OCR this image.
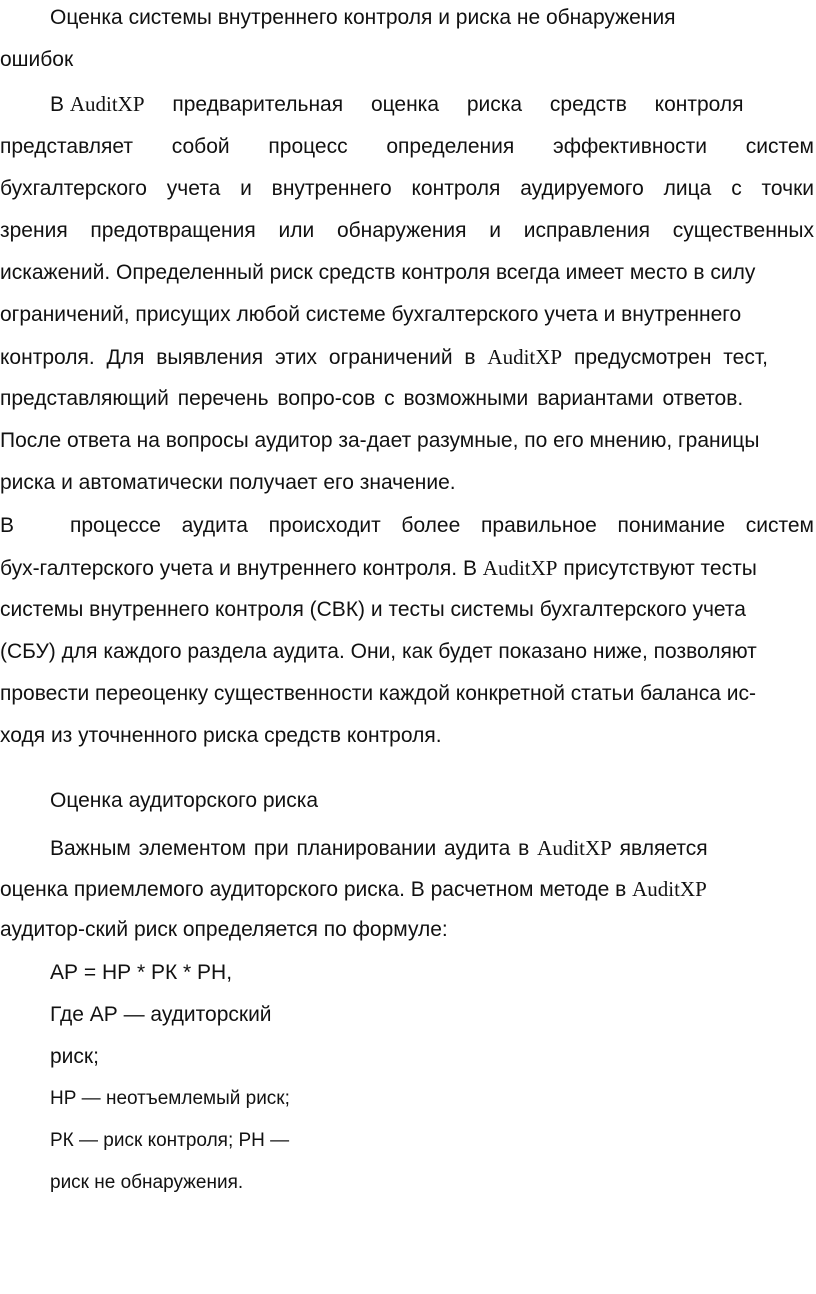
Оценка системы внутреннего контроля и риска не обнаружения
ошибок
В AuditXP предварительная оценка риска средств контроля
представляет собой процесс определения эффективности систем
бухгалтерского учета и внутреннего контроля аудируемого лица с точки
зрения предотвращения или обнаружения и исправления существенных
искажений. Определенный риск средств контроля всегда имеет место в силу
ограничений, присущих любой системе бухгалтерского учета и внутреннего
контроля. Для выявления этих ограничений в AuditXP предусмотрен тест,
представляющий перечень вопро-сов с возможными вариантами ответов.
После ответа на вопросы аудитор за-дает разумные, по его мнению, границы
риска и автоматически получает его значение.
В	процессе аудита происходит более правильное понимание систем
бух-галтерского учета и внутреннего контроля. В AuditXP присутствуют тесты
системы внутреннего контроля (СВК) и тесты системы бухгалтерского учета
(СБУ) для каждого раздела аудита. Они, как будет показано ниже, позволяют
провести переоценку существенности каждой конкретной статьи баланса ис-
ходя из уточненного риска средств контроля.
Оценка аудиторского риска
Важным элементом при планировании аудита в AuditXP является
оценка приемлемого аудиторского риска. В расчетном методе в AuditXP
аудитор-ский риск определяется по формуле:
АР = НР * РК * РН,
Где АР — аудиторский
риск;
НР — неотъемлемый риск;
РК — риск контроля; РН —
риск не обнаружения.
